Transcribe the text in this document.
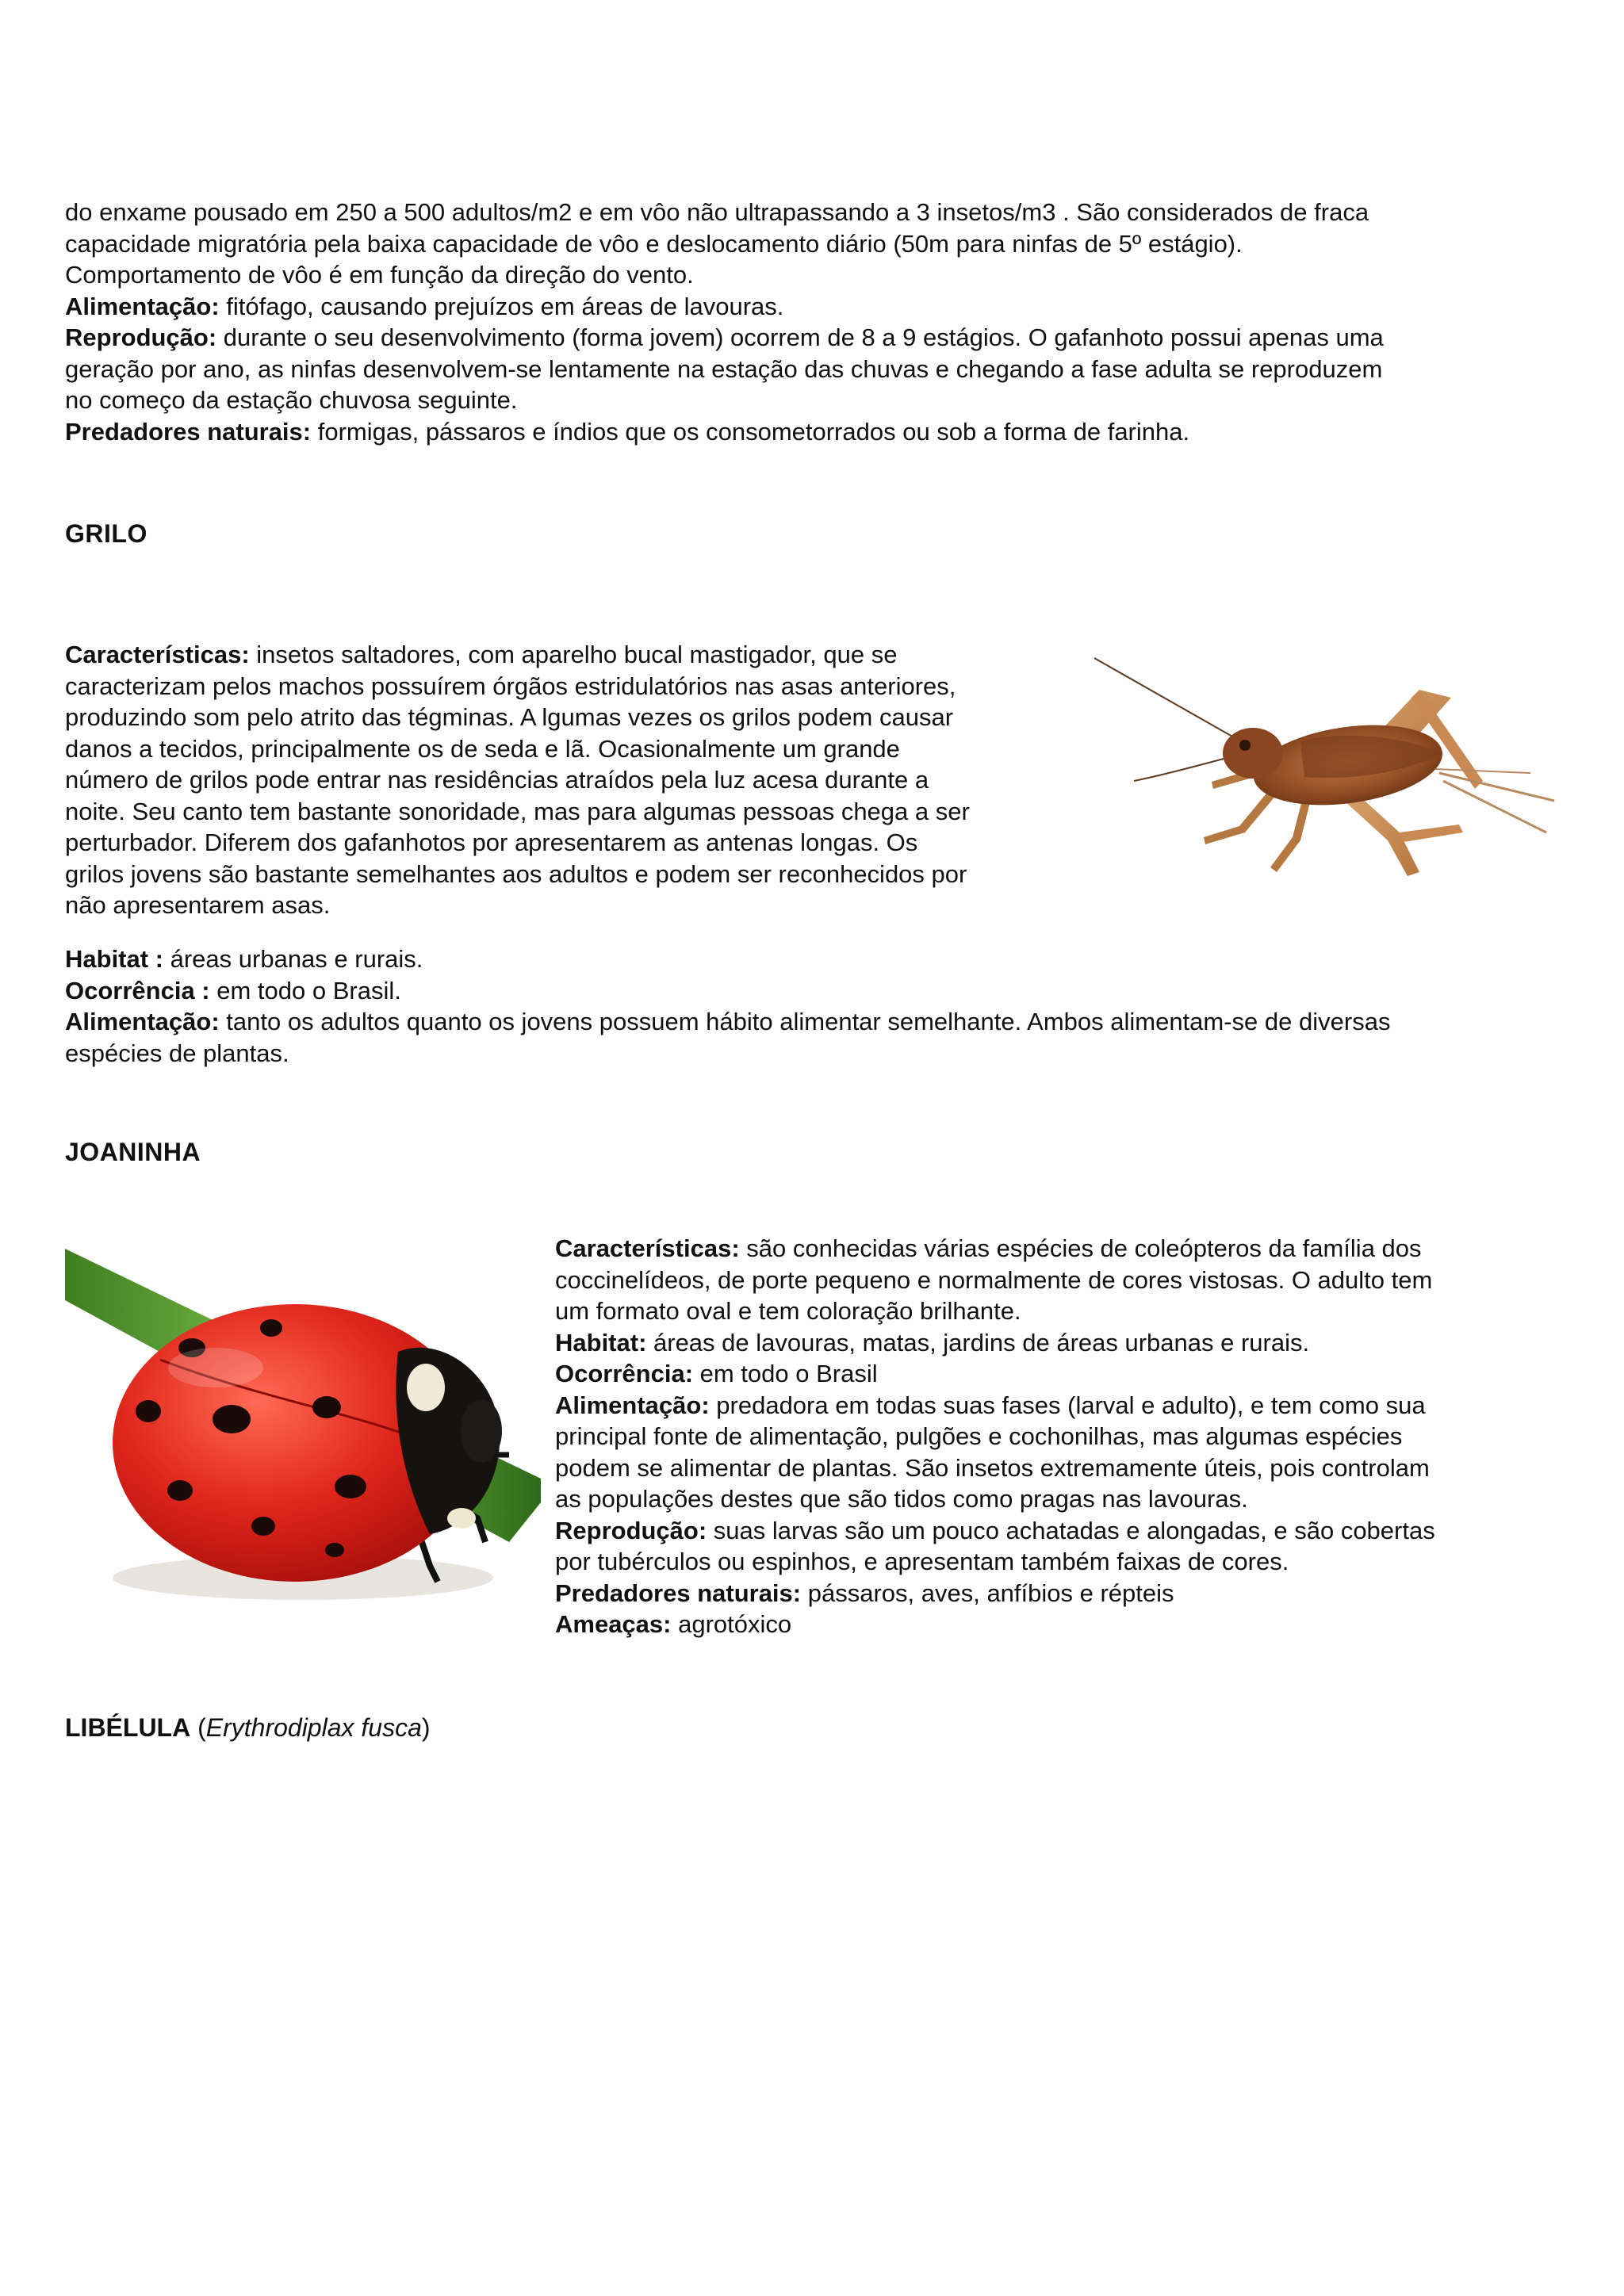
do enxame pousado em 250 a 500 adultos/m2 e em vôo não ultrapassando a 3 insetos/m3 . São considerados de fraca
capacidade migratória pela baixa capacidade de vôo e deslocamento diário (50m para ninfas de 5º estágio).
Comportamento de vôo é em função da direção do vento.
Alimentação: fitófago, causando prejuízos em áreas de lavouras.
Reprodução: durante o seu desenvolvimento (forma jovem) ocorrem de 8 a 9 estágios. O gafanhoto possui apenas uma
geração por ano, as ninfas desenvolvem-se lentamente na estação das chuvas e chegando a fase adulta se reproduzem
no começo da estação chuvosa seguinte.
Predadores naturais: formigas, pássaros e índios que os consometorrados ou sob a forma de farinha.
GRILO
Características: insetos saltadores, com aparelho bucal mastigador, que se
caracterizam pelos machos possuírem órgãos estridulatórios nas asas anteriores,
produzindo som pelo atrito das tégminas. A lgumas vezes os grilos podem causar
danos a tecidos, principalmente os de seda e lã. Ocasionalmente um grande
número de grilos pode entrar nas residências atraídos pela luz acesa durante a
noite. Seu canto tem bastante sonoridade, mas para algumas pessoas chega a ser
perturbador. Diferem dos gafanhotos por apresentarem as antenas longas. Os
grilos jovens são bastante semelhantes aos adultos e podem ser reconhecidos por
não apresentarem asas.
Habitat : áreas urbanas e rurais.
Ocorrência : em todo o Brasil.
Alimentação: tanto os adultos quanto os jovens possuem hábito alimentar semelhante. Ambos alimentam-se de diversas
espécies de plantas.
JOANINHA
Características: são conhecidas várias espécies de coleópteros da família dos
coccinelídeos, de porte pequeno e normalmente de cores vistosas. O adulto tem
um formato oval e tem coloração brilhante.
Habitat: áreas de lavouras, matas, jardins de áreas urbanas e rurais.
Ocorrência: em todo o Brasil
Alimentação: predadora em todas suas fases (larval e adulto), e tem como sua
principal fonte de alimentação, pulgões e cochonilhas, mas algumas espécies
podem se alimentar de plantas. São insetos extremamente úteis, pois controlam
as populações destes que são tidos como pragas nas lavouras.
Reprodução: suas larvas são um pouco achatadas e alongadas, e são cobertas
por tubérculos ou espinhos, e apresentam também faixas de cores.
Predadores naturais: pássaros, aves, anfíbios e répteis
Ameaças: agrotóxico
LIBÉLULA (Erythrodiplax fusca)
